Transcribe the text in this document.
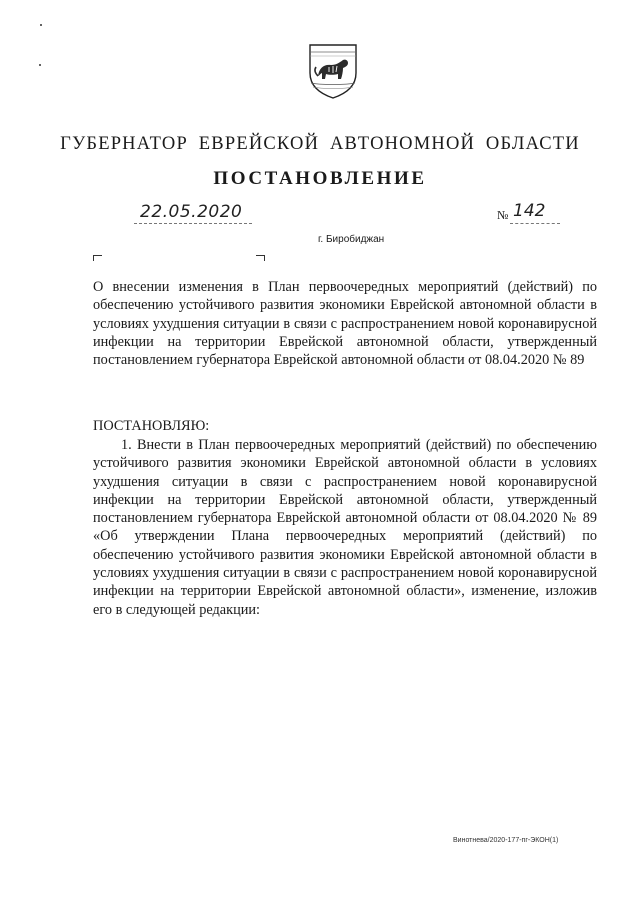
ГУБЕРНАТОР ЕВРЕЙСКОЙ АВТОНОМНОЙ ОБЛАСТИ
ПОСТАНОВЛЕНИЕ
22.05.2020	№ 142
г. Биробиджан
О внесении изменения в План первоочередных мероприятий (действий) по обеспечению устойчивого развития экономики Еврейской автономной области в условиях ухудшения ситуации в связи с распространением новой коронавирусной инфекции на территории Еврейской автономной области, утвержденный постановлением губернатора Еврейской автономной области от 08.04.2020 № 89
ПОСТАНОВЛЯЮ:
1. Внести в План первоочередных мероприятий (действий) по обеспечению устойчивого развития экономики Еврейской автономной области в условиях ухудшения ситуации в связи с распространением новой коронавирусной инфекции на территории Еврейской автономной области, утвержденный постановлением губернатора Еврейской автономной области от 08.04.2020 № 89 «Об утверждении Плана первоочередных мероприятий (действий) по обеспечению устойчивого развития экономики Еврейской автономной области в условиях ухудшения ситуации в связи с распространением новой коронавирусной инфекции на территории Еврейской автономной области», изменение, изложив его в следующей редакции:
Винотнева/2020-177-пг-ЭКОН(1)
